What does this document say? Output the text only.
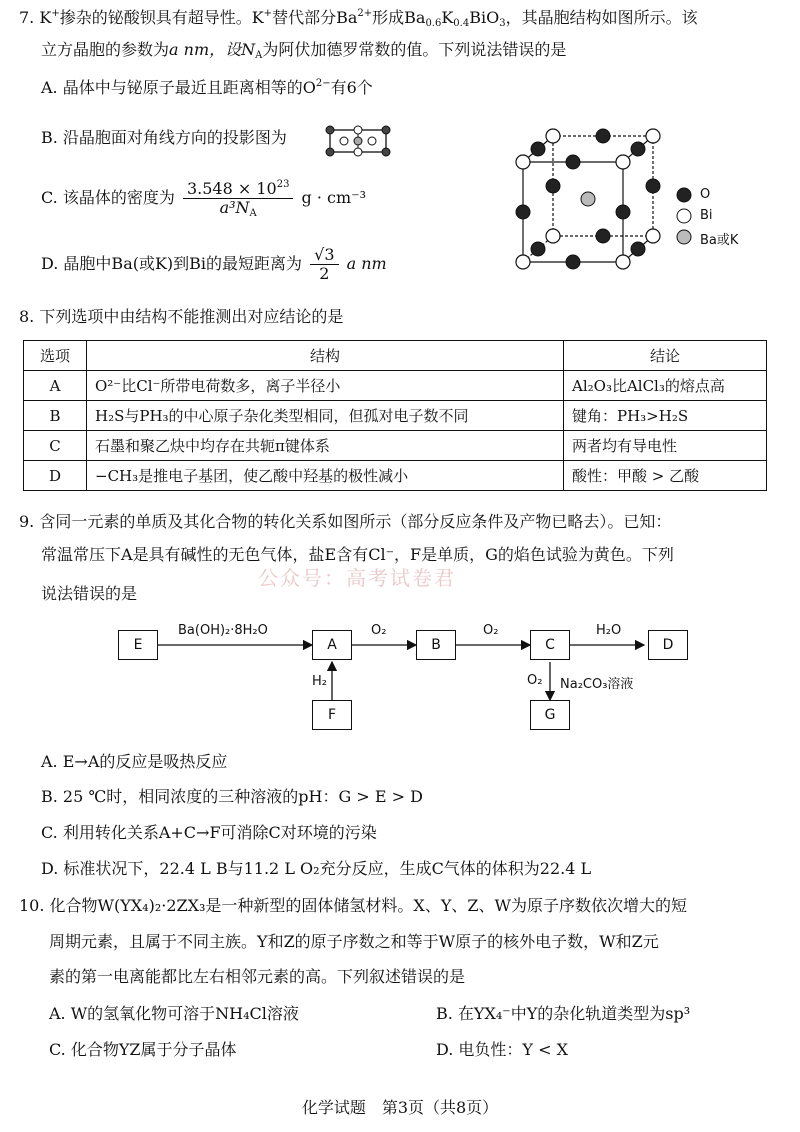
7. K+掺杂的铋酸钡具有超导性。K+替代部分$Ba^{2+}$形成$Ba_{0.6}K_{0.4}BiO_3$，其晶胞结构如图所示。该
立方晶胞的参数为a nm，设$N_A$为阿伏加德罗常数的值。下列说法错误的是
A. 晶体中与铋原子最近且距离相等的$O^{2-}$有6个
B. 沿晶胞面对角线方向的投影图为
C. 该晶体的密度为 $\frac{3.548 \times 10^{23}}{a^3N_A}$ g · cm⁻³
D. 晶胞中Ba(或K)到Bi的最短距离为 $\frac{√3}{2}$ a nm
O
Bi
Ba或K
8. 下列选项中由结构不能推测出对应结论的是
选项	结构	结论
A	O²⁻比Cl⁻所带电荷数多，离子半径小	Al₂O₃比AlCl₃的熔点高
B	H₂S与PH₃的中心原子杂化类型相同，但孤对电子数不同	键角：PH₃>H₂S
C	石墨和聚乙炔中均存在共轭π键体系	两者均有导电性
D	−CH₃是推电子基团，使乙酸中羟基的极性减小	酸性：甲酸 > 乙酸
9. 含同一元素的单质及其化合物的转化关系如图所示（部分反应条件及产物已略去）。已知：
常温常压下A是具有碱性的无色气体，盐E含有Cl⁻，F是单质，G的焰色试验为黄色。下列
公众号：高考试卷君
说法错误的是
E	A	B	C	D
F	G
Ba(OH)₂·8H₂O	O₂	O₂	H₂O
H₂	O₂ Na₂CO₃溶液
A. E→A的反应是吸热反应
B. 25 ℃时，相同浓度的三种溶液的pH：G > E > D
C. 利用转化关系A+C→F可消除C对环境的污染
D. 标准状况下，22.4 L B与11.2 L O₂充分反应，生成C气体的体积为22.4 L
10. 化合物W(YX₄)₂·2ZX₃是一种新型的固体储氢材料。X、Y、Z、W为原子序数依次增大的短
周期元素，且属于不同主族。Y和Z的原子序数之和等于W原子的核外电子数，W和Z元
素的第一电离能都比左右相邻元素的高。下列叙述错误的是
A. W的氢氧化物可溶于NH₄Cl溶液	B. 在YX₄⁻中Y的杂化轨道类型为sp³
C. 化合物YZ属于分子晶体	D. 电负性：Y < X
化学试题　第3页（共8页）
